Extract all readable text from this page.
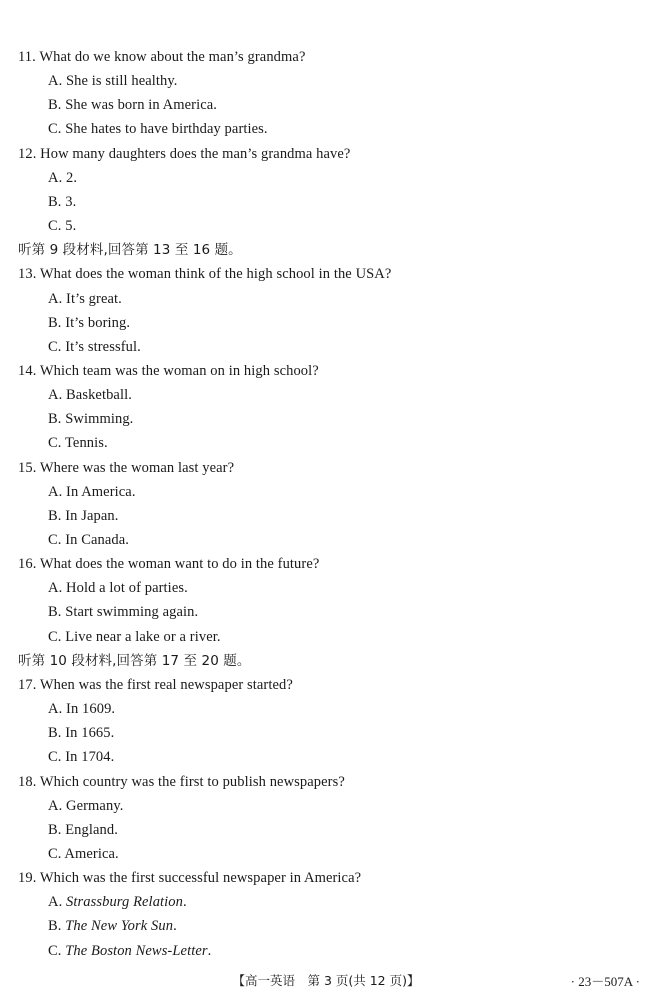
11. What do we know about the man’s grandma?
A. She is still healthy.
B. She was born in America.
C. She hates to have birthday parties.
12. How many daughters does the man’s grandma have?
A. 2.
B. 3.
C. 5.
听第 9 段材料,回答第 13 至 16 题。
13. What does the woman think of the high school in the USA?
A. It’s great.
B. It’s boring.
C. It’s stressful.
14. Which team was the woman on in high school?
A. Basketball.
B. Swimming.
C. Tennis.
15. Where was the woman last year?
A. In America.
B. In Japan.
C. In Canada.
16. What does the woman want to do in the future?
A. Hold a lot of parties.
B. Start swimming again.
C. Live near a lake or a river.
听第 10 段材料,回答第 17 至 20 题。
17. When was the first real newspaper started?
A. In 1609.
B. In 1665.
C. In 1704.
18. Which country was the first to publish newspapers?
A. Germany.
B. England.
C. America.
19. Which was the first successful newspaper in America?
A. Strassburg Relation.
B. The New York Sun.
C. The Boston News-Letter.
【高一英语　第 3 页(共 12 页)】	· 23－507A ·
